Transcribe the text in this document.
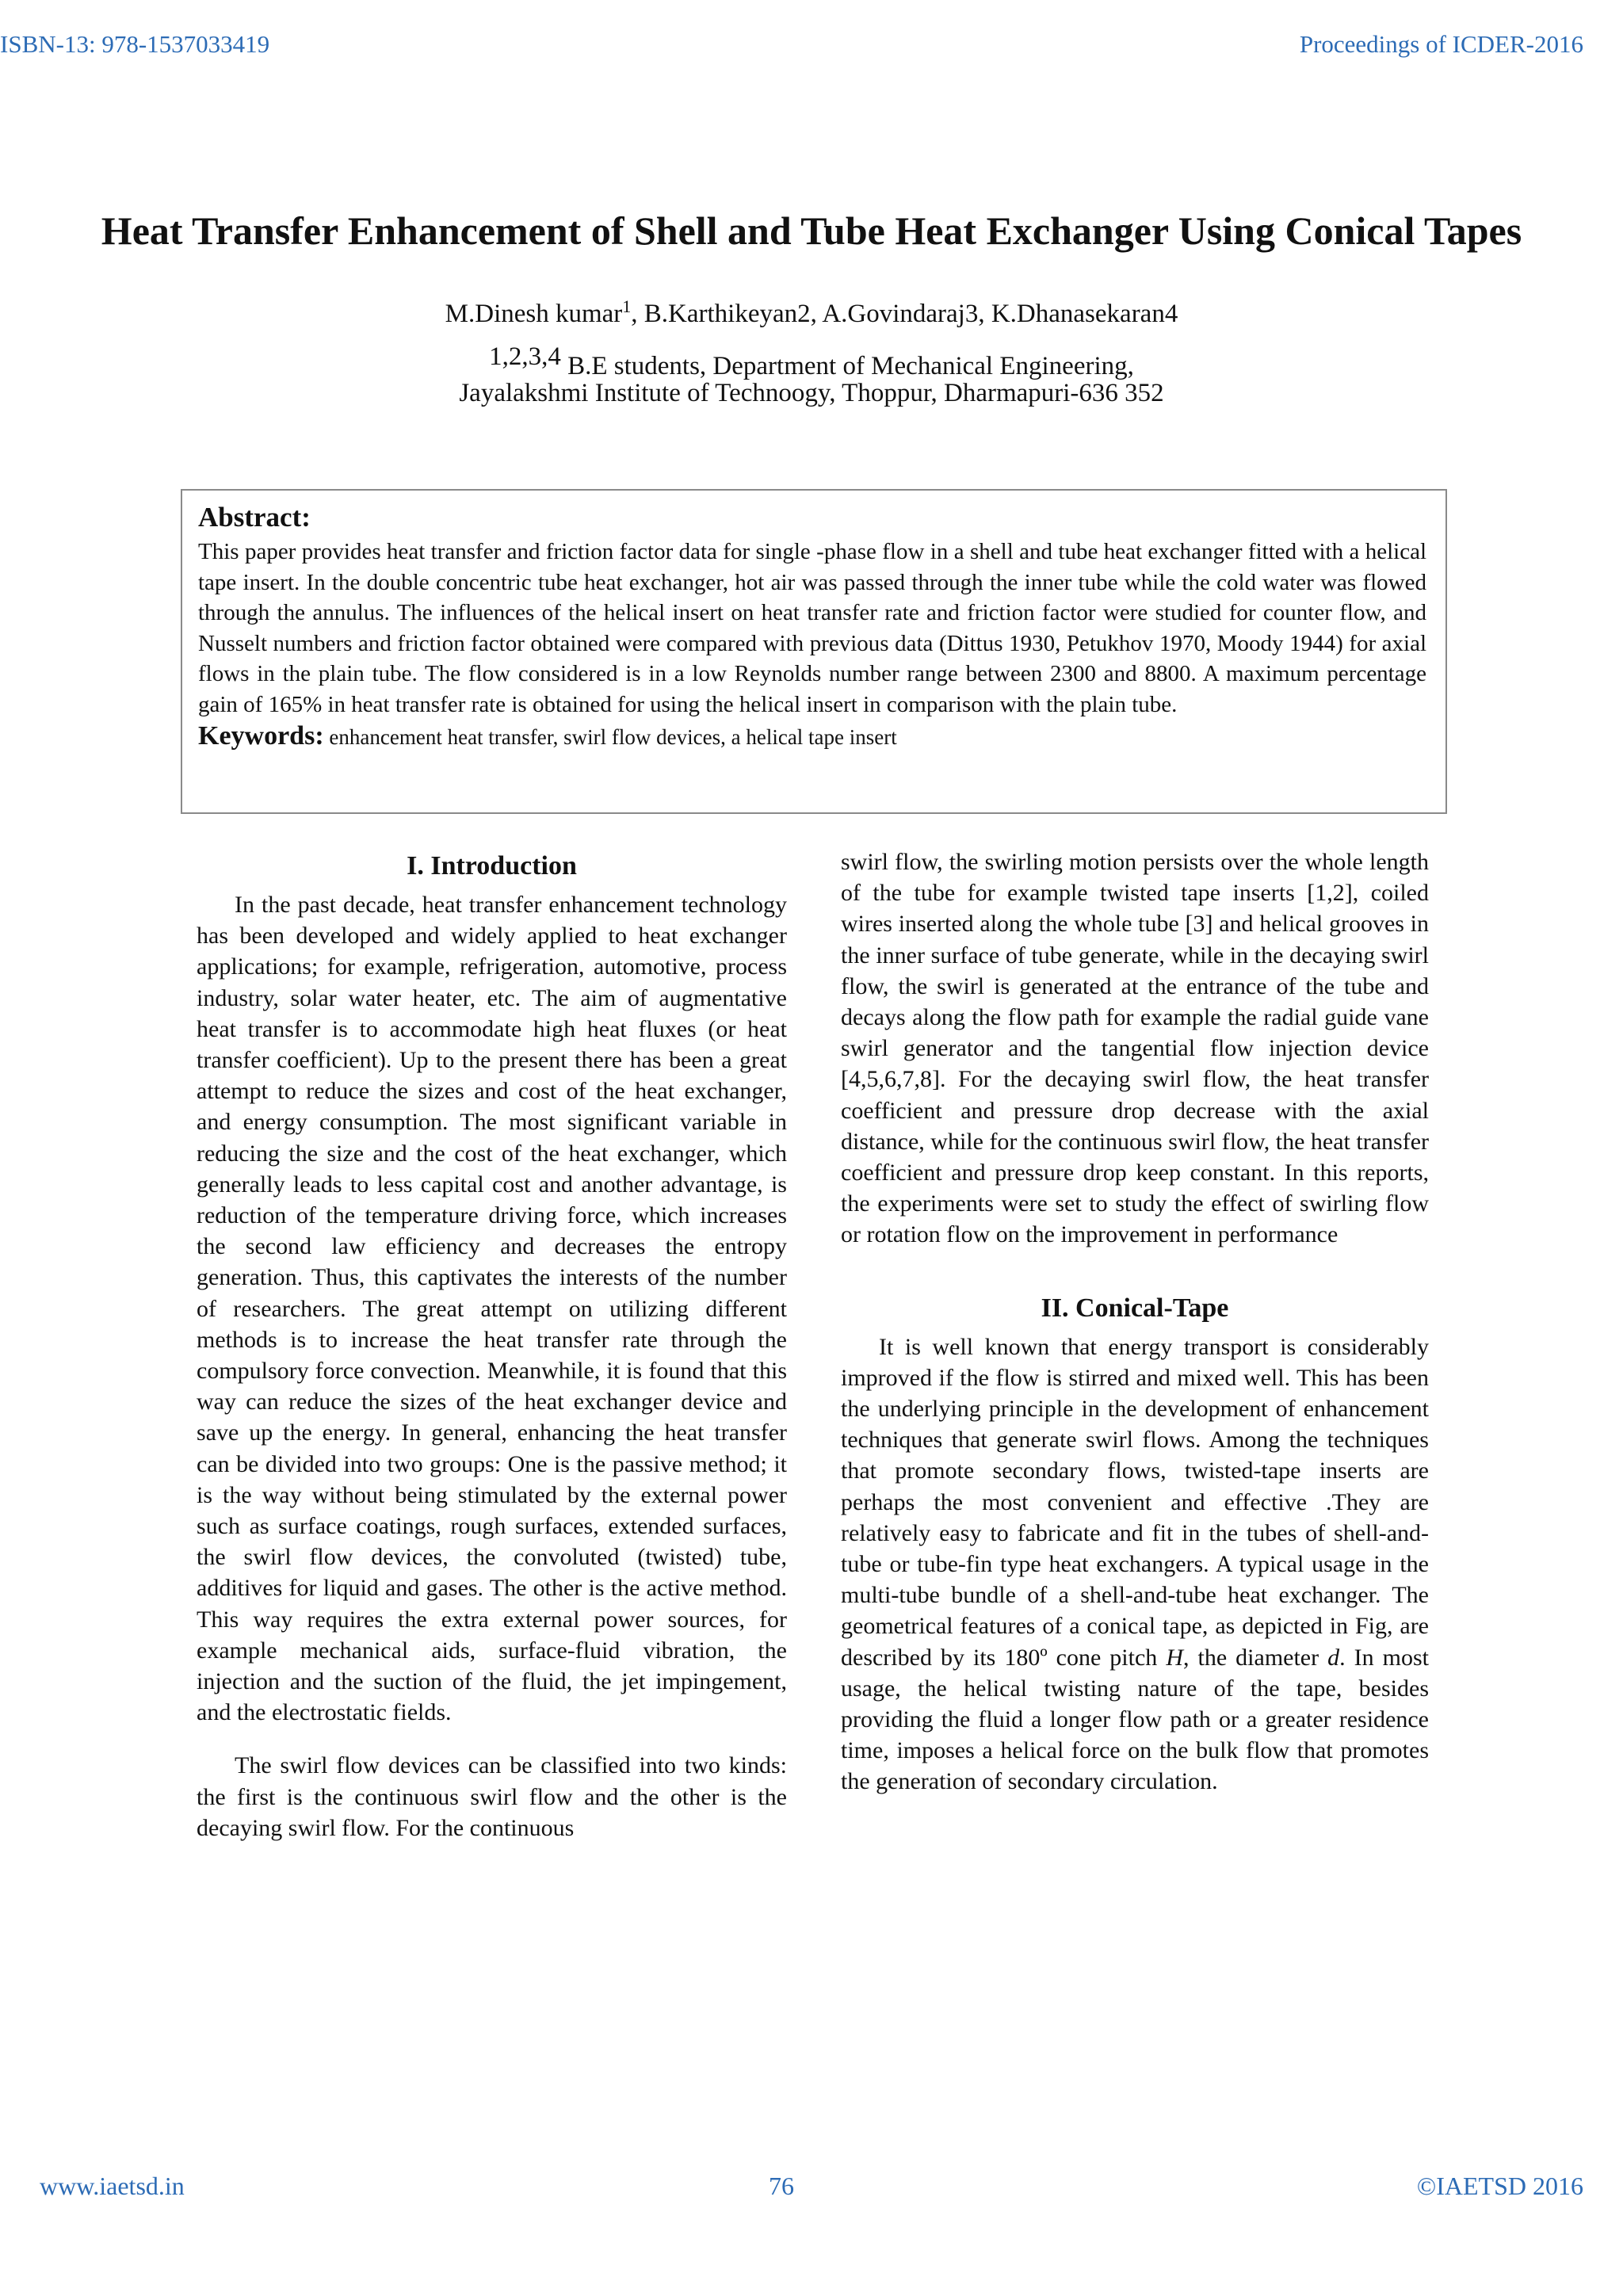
ISBN-13: 978-1537033419	Proceedings of ICDER-2016
Heat Transfer Enhancement of Shell and Tube Heat Exchanger Using Conical Tapes
M.Dinesh kumar$^1$, B.Karthikeyan2, A.Govindaraj3, K.Dhanasekaran4
1,2,3,4 B.E students, Department of Mechanical Engineering,
Jayalakshmi Institute of Technoogy, Thoppur, Dharmapuri-636 352
Abstract:
This paper provides heat transfer and friction factor data for single -phase flow in a shell and tube heat exchanger fitted with a helical tape insert. In the double concentric tube heat exchanger, hot air was passed through the inner tube while the cold water was flowed through the annulus. The influences of the helical insert on heat transfer rate and friction factor were studied for counter flow, and Nusselt numbers and friction factor obtained were compared with previous data (Dittus 1930, Petukhov 1970, Moody 1944) for axial flows in the plain tube. The flow considered is in a low Reynolds number range between 2300 and 8800. A maximum percentage gain of 165% in heat transfer rate is obtained for using the helical insert in comparison with the plain tube.
Keywords: enhancement heat transfer, swirl flow devices, a helical tape insert
I. Introduction

In the past decade, heat transfer enhancement technology has been developed and widely applied to heat exchanger applications; for example, refrigeration, automotive, process industry, solar water heater, etc. The aim of augmentative heat transfer is to accommodate high heat fluxes (or heat transfer coefficient). Up to the present there has been a great attempt to reduce the sizes and cost of the heat exchanger, and energy consumption. The most significant variable in reducing the size and the cost of the heat exchanger, which generally leads to less capital cost and another advantage, is reduction of the temperature driving force, which increases the second law efficiency and decreases the entropy generation. Thus, this captivates the interests of the number of researchers. The great attempt on utilizing different methods is to increase the heat transfer rate through the compulsory force convection. Meanwhile, it is found that this way can reduce the sizes of the heat exchanger device and save up the energy. In general, enhancing the heat transfer can be divided into two groups: One is the passive method; it is the way without being stimulated by the external power such as surface coatings, rough surfaces, extended surfaces, the swirl flow devices, the convoluted (twisted) tube, additives for liquid and gases. The other is the active method. This way requires the extra external power sources, for example mechanical aids, surface-fluid vibration, the injection and the suction of the fluid, the jet impingement, and the electrostatic fields.

The swirl flow devices can be classified into two kinds: the first is the continuous swirl flow and the other is the decaying swirl flow. For the continuous

swirl flow, the swirling motion persists over the whole length of the tube for example twisted tape inserts [1,2], coiled wires inserted along the whole tube [3] and helical grooves in the inner surface of tube generate, while in the decaying swirl flow, the swirl is generated at the entrance of the tube and decays along the flow path for example the radial guide vane swirl generator and the tangential flow injection device [4,5,6,7,8]. For the decaying swirl flow, the heat transfer coefficient and pressure drop decrease with the axial distance, while for the continuous swirl flow, the heat transfer coefficient and pressure drop keep constant. In this reports, the experiments were set to study the effect of swirling flow or rotation flow on the improvement in performance

II. Conical-Tape

It is well known that energy transport is considerably improved if the flow is stirred and mixed well. This has been the underlying principle in the development of enhancement techniques that generate swirl flows. Among the techniques that promote secondary flows, twisted-tape inserts are perhaps the most convenient and effective .They are relatively easy to fabricate and fit in the tubes of shell-and-tube or tube-fin type heat exchangers. A typical usage in the multi-tube bundle of a shell-and-tube heat exchanger. The geometrical features of a conical tape, as depicted in Fig, are described by its 180º cone pitch H, the diameter d. In most usage, the helical twisting nature of the tape, besides providing the fluid a longer flow path or a greater residence time, imposes a helical force on the bulk flow that promotes the generation of secondary circulation.

www.iaetsd.in	76	©IAETSD 2016
